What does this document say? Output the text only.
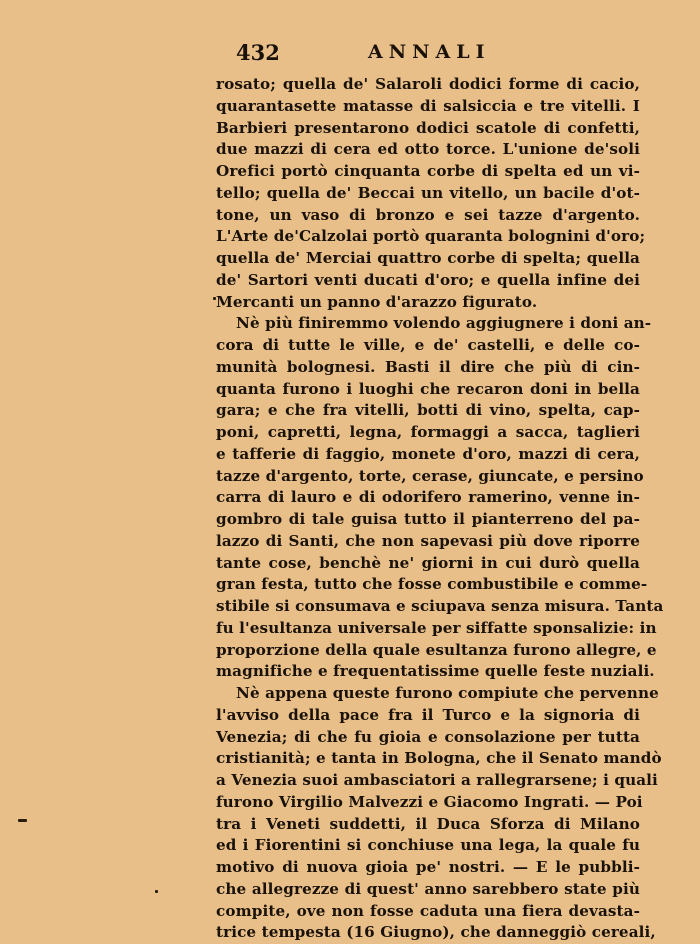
432	ANNALI
rosato; quella de' Salaroli dodici forme di cacio,
quarantasette matasse di salsiccia e tre vitelli. I
Barbieri presentarono dodici scatole di confetti,
due mazzi di cera ed otto torce. L'unione de'soli
Orefici portò cinquanta corbe di spelta ed un vi-
tello; quella de' Beccai un vitello, un bacile d'ot-
tone, un vaso di bronzo e sei tazze d'argento.
L'Arte de'Calzolai portò quaranta bolognini d'oro;
quella de' Merciai quattro corbe di spelta; quella
de' Sartori venti ducati d'oro; e quella infine dei
Mercanti un panno d'arazzo figurato.
Nè più finiremmo volendo aggiugnere i doni an-
cora di tutte le ville, e de' castelli, e delle co-
munità bolognesi. Basti il dire che più di cin-
quanta furono i luoghi che recaron doni in bella
gara; e che fra vitelli, botti di vino, spelta, cap-
poni, capretti, legna, formaggi a sacca, taglieri
e tafferie di faggio, monete d'oro, mazzi di cera,
tazze d'argento, torte, cerase, giuncate, e persino
carra di lauro e di odorifero ramerino, venne in-
gombro di tale guisa tutto il pianterreno del pa-
lazzo di Santi, che non sapevasi più dove riporre
tante cose, benchè ne' giorni in cui durò quella
gran festa, tutto che fosse combustibile e comme-
stibile si consumava e sciupava senza misura. Tanta
fu l'esultanza universale per siffatte sponsalizie: in
proporzione della quale esultanza furono allegre, e
magnifiche e frequentatissime quelle feste nuziali.
Nè appena queste furono compiute che pervenne
l'avviso della pace fra il Turco e la signoria di
Venezia; di che fu gioia e consolazione per tutta
cristianità; e tanta in Bologna, che il Senato mandò
a Venezia suoi ambasciatori a rallegrarsene; i quali
furono Virgilio Malvezzi e Giacomo Ingrati. — Poi
tra i Veneti suddetti, il Duca Sforza di Milano
ed i Fiorentini si conchiuse una lega, la quale fu
motivo di nuova gioia pe' nostri. — E le pubbli-
che allegrezze di quest' anno sarebbero state più
compite, ove non fosse caduta una fiera devasta-
trice tempesta (16 Giugno), che danneggiò cereali,
